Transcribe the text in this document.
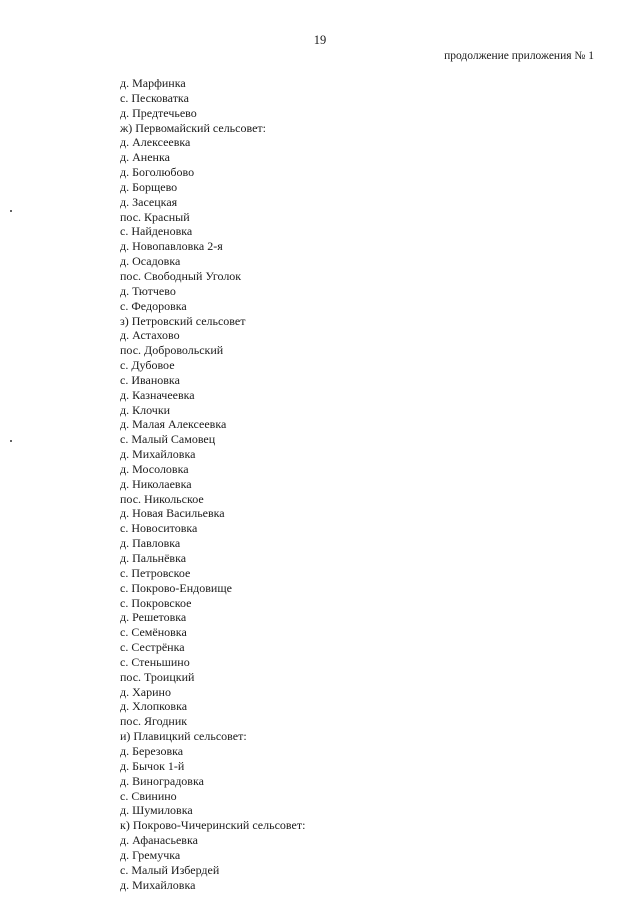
19
продолжение приложения № 1
д. Марфинка
с. Песковатка
д. Предтечьево
ж) Первомайский сельсовет:
д. Алексеевка
д. Аненка
д. Боголюбово
д. Борщево
д. Засецкая
пос. Красный
с. Найденовка
д. Новопавловка 2-я
д. Осадовка
пос. Свободный Уголок
д. Тютчево
с. Федоровка
з) Петровский сельсовет
д. Астахово
пос. Добровольский
с. Дубовое
с. Ивановка
д. Казначеевка
д. Клочки
д. Малая Алексеевка
с. Малый Самовец
д. Михайловка
д. Мосоловка
д. Николаевка
пос. Никольское
д. Новая Васильевка
с. Новоситовка
д. Павловка
д. Пальнёвка
с. Петровское
с. Покрово-Ендовище
с. Покровское
д. Решетовка
с. Семёновка
с. Сестрёнка
с. Стеньшино
пос. Троицкий
д. Харино
д. Хлопковка
пос. Ягодник
и) Плавицкий сельсовет:
д. Березовка
д. Бычок 1-й
д. Виноградовка
с. Свинино
д. Шумиловка
к) Покрово-Чичеринский сельсовет:
д. Афанасьевка
д. Гремучка
с. Малый Избердей
д. Михайловка
